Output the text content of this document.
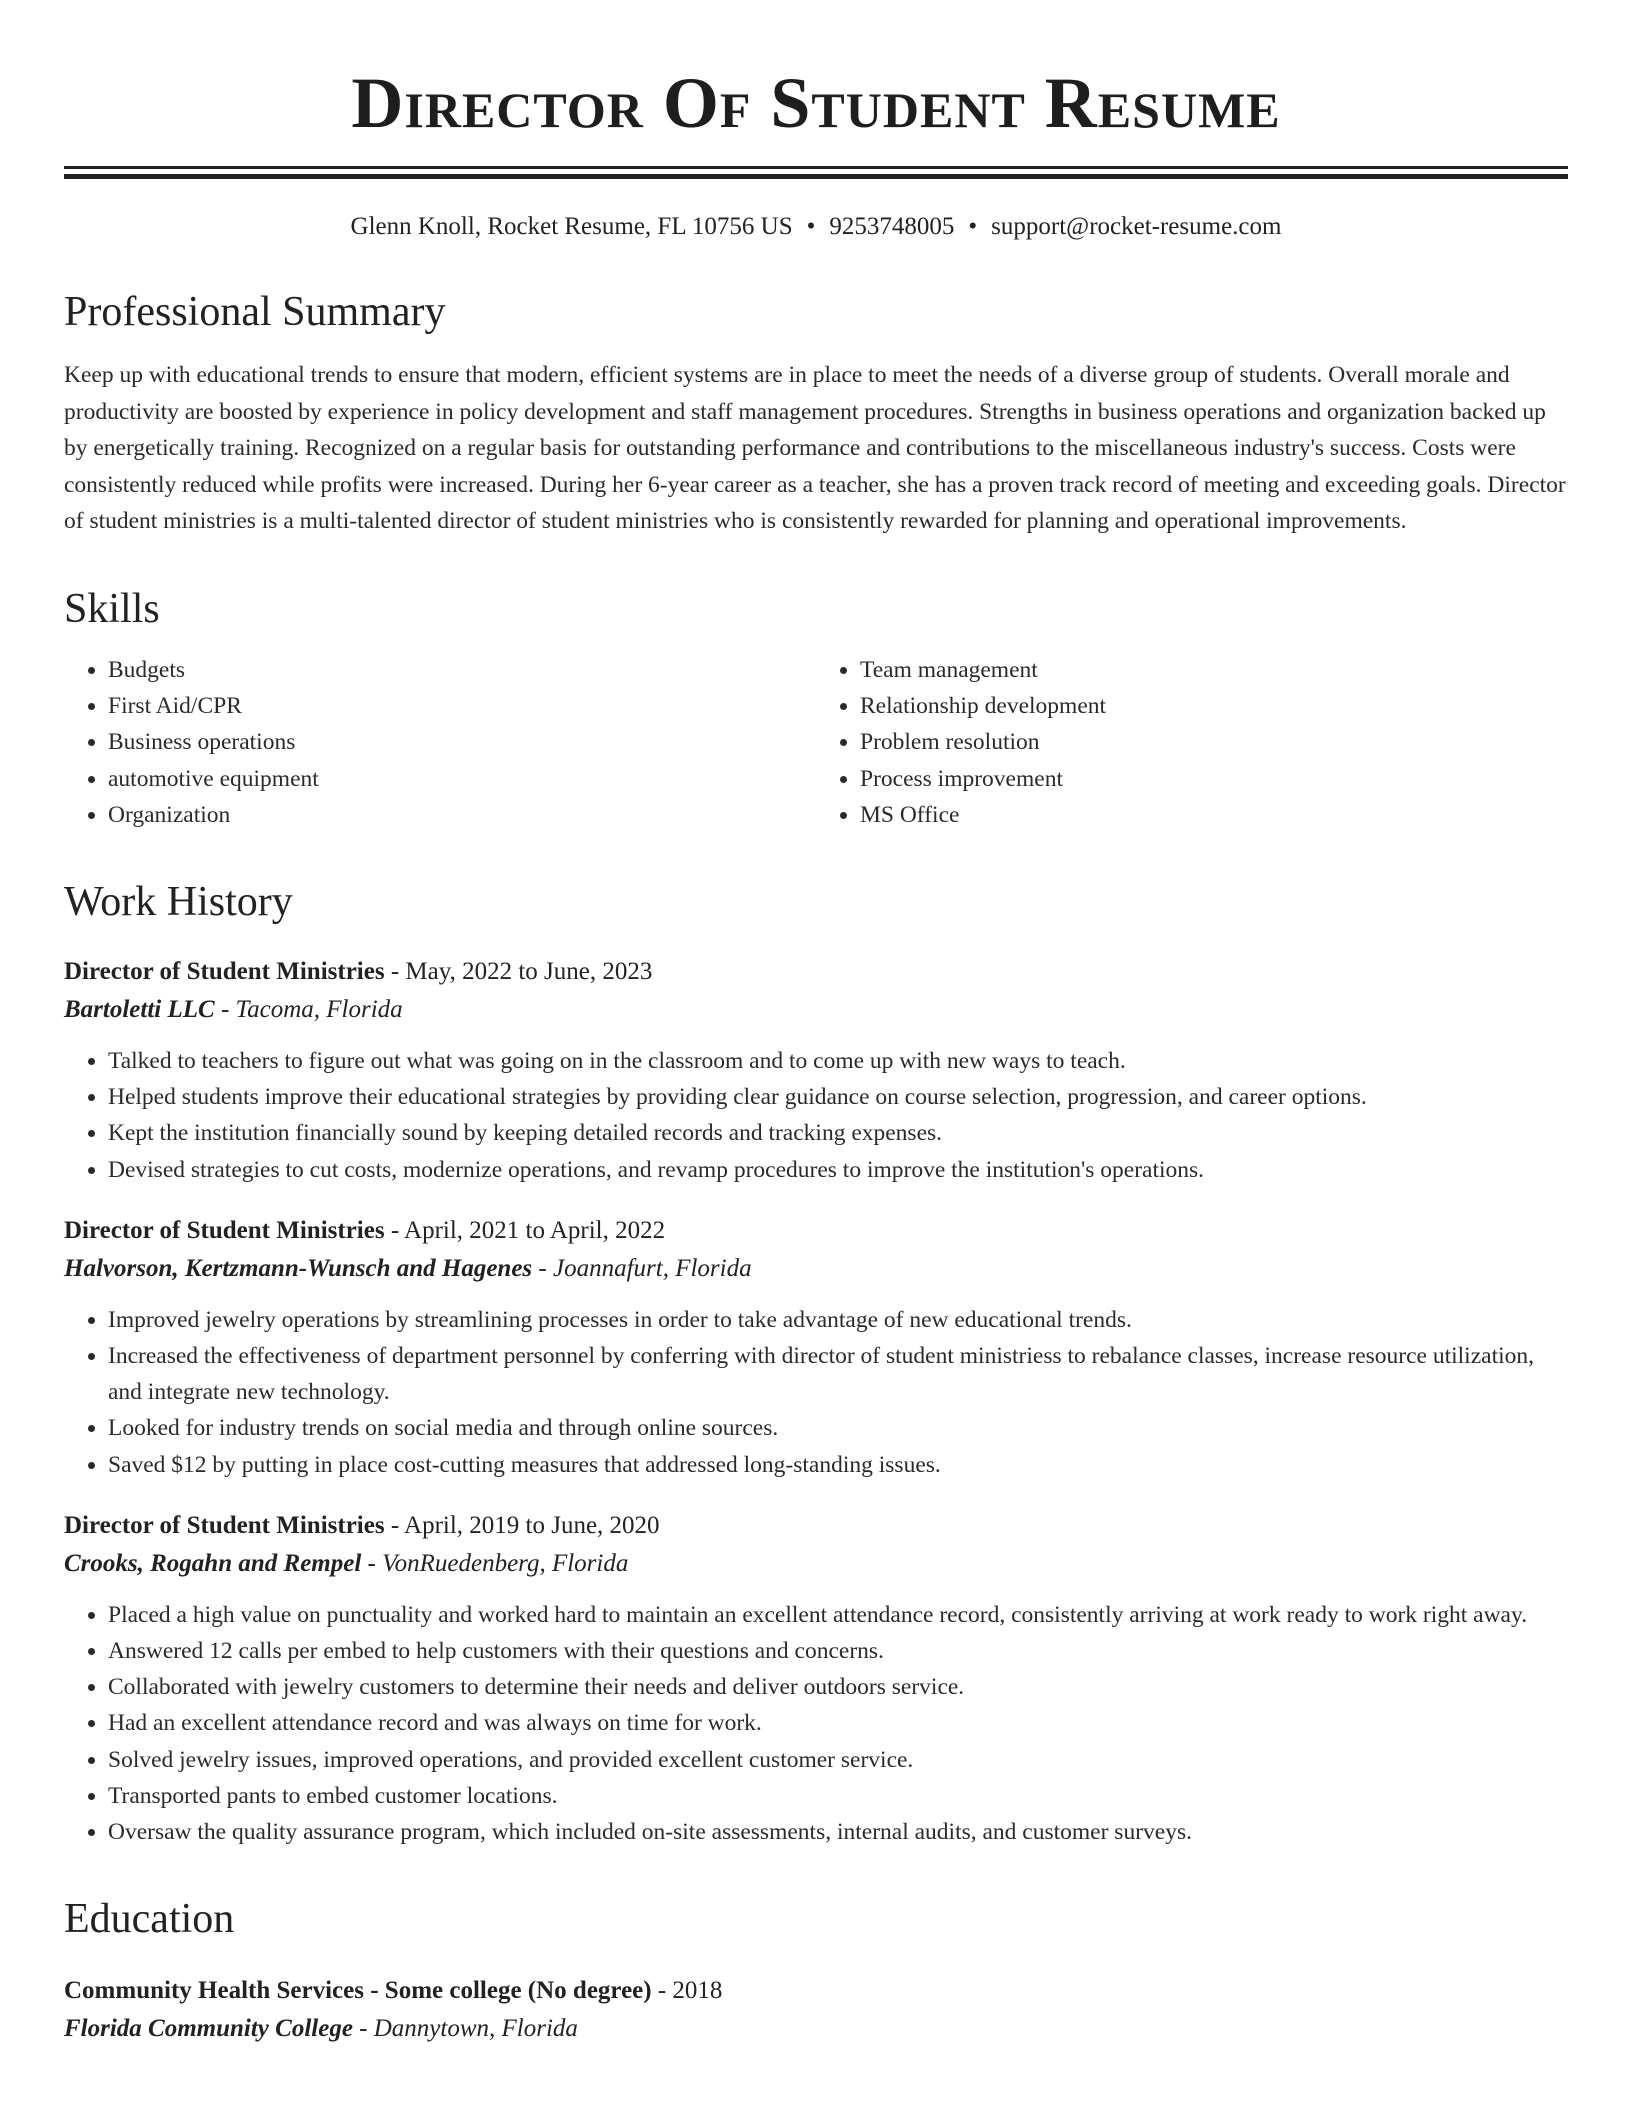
Director Of Student Resume
Glenn Knoll, Rocket Resume, FL 10756 US • 9253748005 • support@rocket-resume.com
Professional Summary

Keep up with educational trends to ensure that modern, efficient systems are in place to meet the needs of a diverse group of students. Overall morale and productivity are boosted by experience in policy development and staff management procedures. Strengths in business operations and organization backed up by energetically training. Recognized on a regular basis for outstanding performance and contributions to the miscellaneous industry's success. Costs were consistently reduced while profits were increased. During her 6-year career as a teacher, she has a proven track record of meeting and exceeding goals. Director of student ministries is a multi-talented director of student ministries who is consistently rewarded for planning and operational improvements.

Skills
• Budgets
• First Aid/CPR
• Business operations
• automotive equipment
• Organization
• Team management
• Relationship development
• Problem resolution
• Process improvement
• MS Office
Work History
Director of Student Ministries - May, 2022 to June, 2023
Bartoletti LLC - Tacoma, Florida
• Talked to teachers to figure out what was going on in the classroom and to come up with new ways to teach.
• Helped students improve their educational strategies by providing clear guidance on course selection, progression, and career options.
• Kept the institution financially sound by keeping detailed records and tracking expenses.
• Devised strategies to cut costs, modernize operations, and revamp procedures to improve the institution's operations.
Director of Student Ministries - April, 2021 to April, 2022
Halvorson, Kertzmann-Wunsch and Hagenes - Joannafurt, Florida
• Improved jewelry operations by streamlining processes in order to take advantage of new educational trends.
• Increased the effectiveness of department personnel by conferring with director of student ministriess to rebalance classes, increase resource utilization, and integrate new technology.
• Looked for industry trends on social media and through online sources.
• Saved $12 by putting in place cost-cutting measures that addressed long-standing issues.
Director of Student Ministries - April, 2019 to June, 2020
Crooks, Rogahn and Rempel - VonRuedenberg, Florida
• Placed a high value on punctuality and worked hard to maintain an excellent attendance record, consistently arriving at work ready to work right away.
• Answered 12 calls per embed to help customers with their questions and concerns.
• Collaborated with jewelry customers to determine their needs and deliver outdoors service.
• Had an excellent attendance record and was always on time for work.
• Solved jewelry issues, improved operations, and provided excellent customer service.
• Transported pants to embed customer locations.
• Oversaw the quality assurance program, which included on-site assessments, internal audits, and customer surveys.
Education
Community Health Services - Some college (No degree) - 2018
Florida Community College - Dannytown, Florida
